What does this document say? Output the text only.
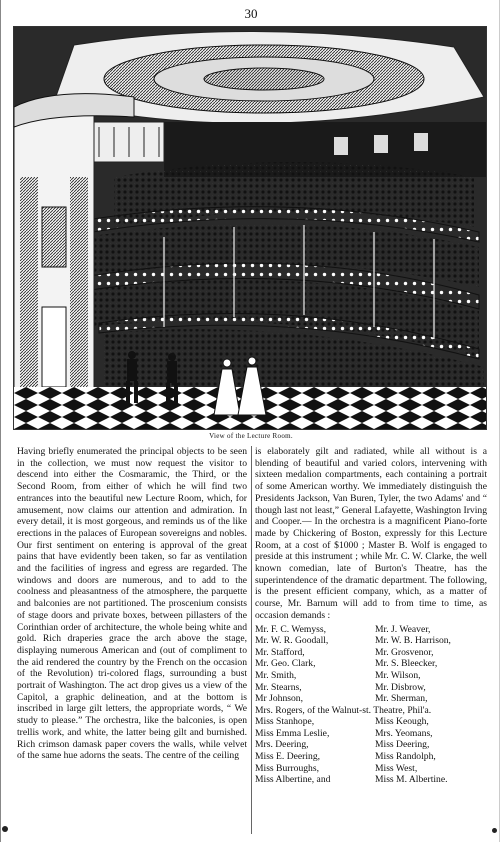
30
View of the Lecture Room.

Having briefly enumerated the principal objects to be seen in the collection, we must now request the visitor to descend into either the Cosmaramic, the Third, or the Second Room, from either of which he will find two entrances into the beautiful new Lecture Room, which, for amusement, now claims our attention and admiration. In every detail, it is most gorgeous, and reminds us of the like erections in the palaces of European sovereigns and nobles. Our first sentiment on entering is approval of the great pains that have evidently been taken, so far as ventilation and the facilities of ingress and egress are regarded. The windows and doors are numerous, and to add to the coolness and pleasantness of the atmosphere, the parquette and balconies are not partitioned. The proscenium consists of stage doors and private boxes, between pillasters of the Corinthian order of architecture, the whole being white and gold. Rich draperies grace the arch above the stage, displaying numerous American and (out of compliment to the aid rendered the country by the French on the occasion of the Revolution) tri-colored flags, surrounding a bust portrait of Washington. The act drop gives us a view of the Capitol, a graphic delineation, and at the bottom is inscribed in large gilt letters, the appropriate words, “ We study to please.” The orchestra, like the balconies, is open trellis work, and white, the latter being gilt and burnished. Rich crimson damask paper covers the walls, while velvet of the same hue adorns the seats. The centre of the ceiling

is elaborately gilt and radiated, while all without is a blending of beautiful and varied colors, intervening with sixteen medalion compartments, each containing a portrait of some American worthy. We immediately distinguish the Presidents Jackson, Van Buren, Tyler, the two Adams' and “ though last not least,” General Lafayette, Washington Irving and Cooper.— In the orchestra is a magnificent Piano-forte made by Chickering of Boston, expressly for this Lecture Room, at a cost of $1000 ; Master B. Wolf is engaged to preside at this instrument ; while Mr. C. W. Clarke, the well known comedian, late of Burton's Theatre, has the superintendence of the dramatic department. The following, is the present efficient company, which, as a matter of course, Mr. Barnum will add to from time to time, as occasion demands :

Mr. F. C. Wemyss,	Mr. J. Weaver,
Mr. W. R. Goodall,	Mr. W. B. Harrison,
Mr. Stafford,	Mr. Grosvenor,
Mr. Geo. Clark,	Mr. S. Bleecker,
Mr. Smith,	Mr. Wilson,
Mr. Stearns,	Mr. Disbrow,
Mr Johnson,	Mr. Sherman,
Mrs. Rogers, of the Walnut-st. Theatre, Phil'a.
Miss Stanhope,	Miss Keough,
Miss Emma Leslie,	Mrs. Yeomans,
Mrs. Deering,	Miss Deering,
Miss E. Deering,	Miss Randolph,
Miss Burroughs,	Miss West,
Miss Albertine, and	Miss M. Albertine.
